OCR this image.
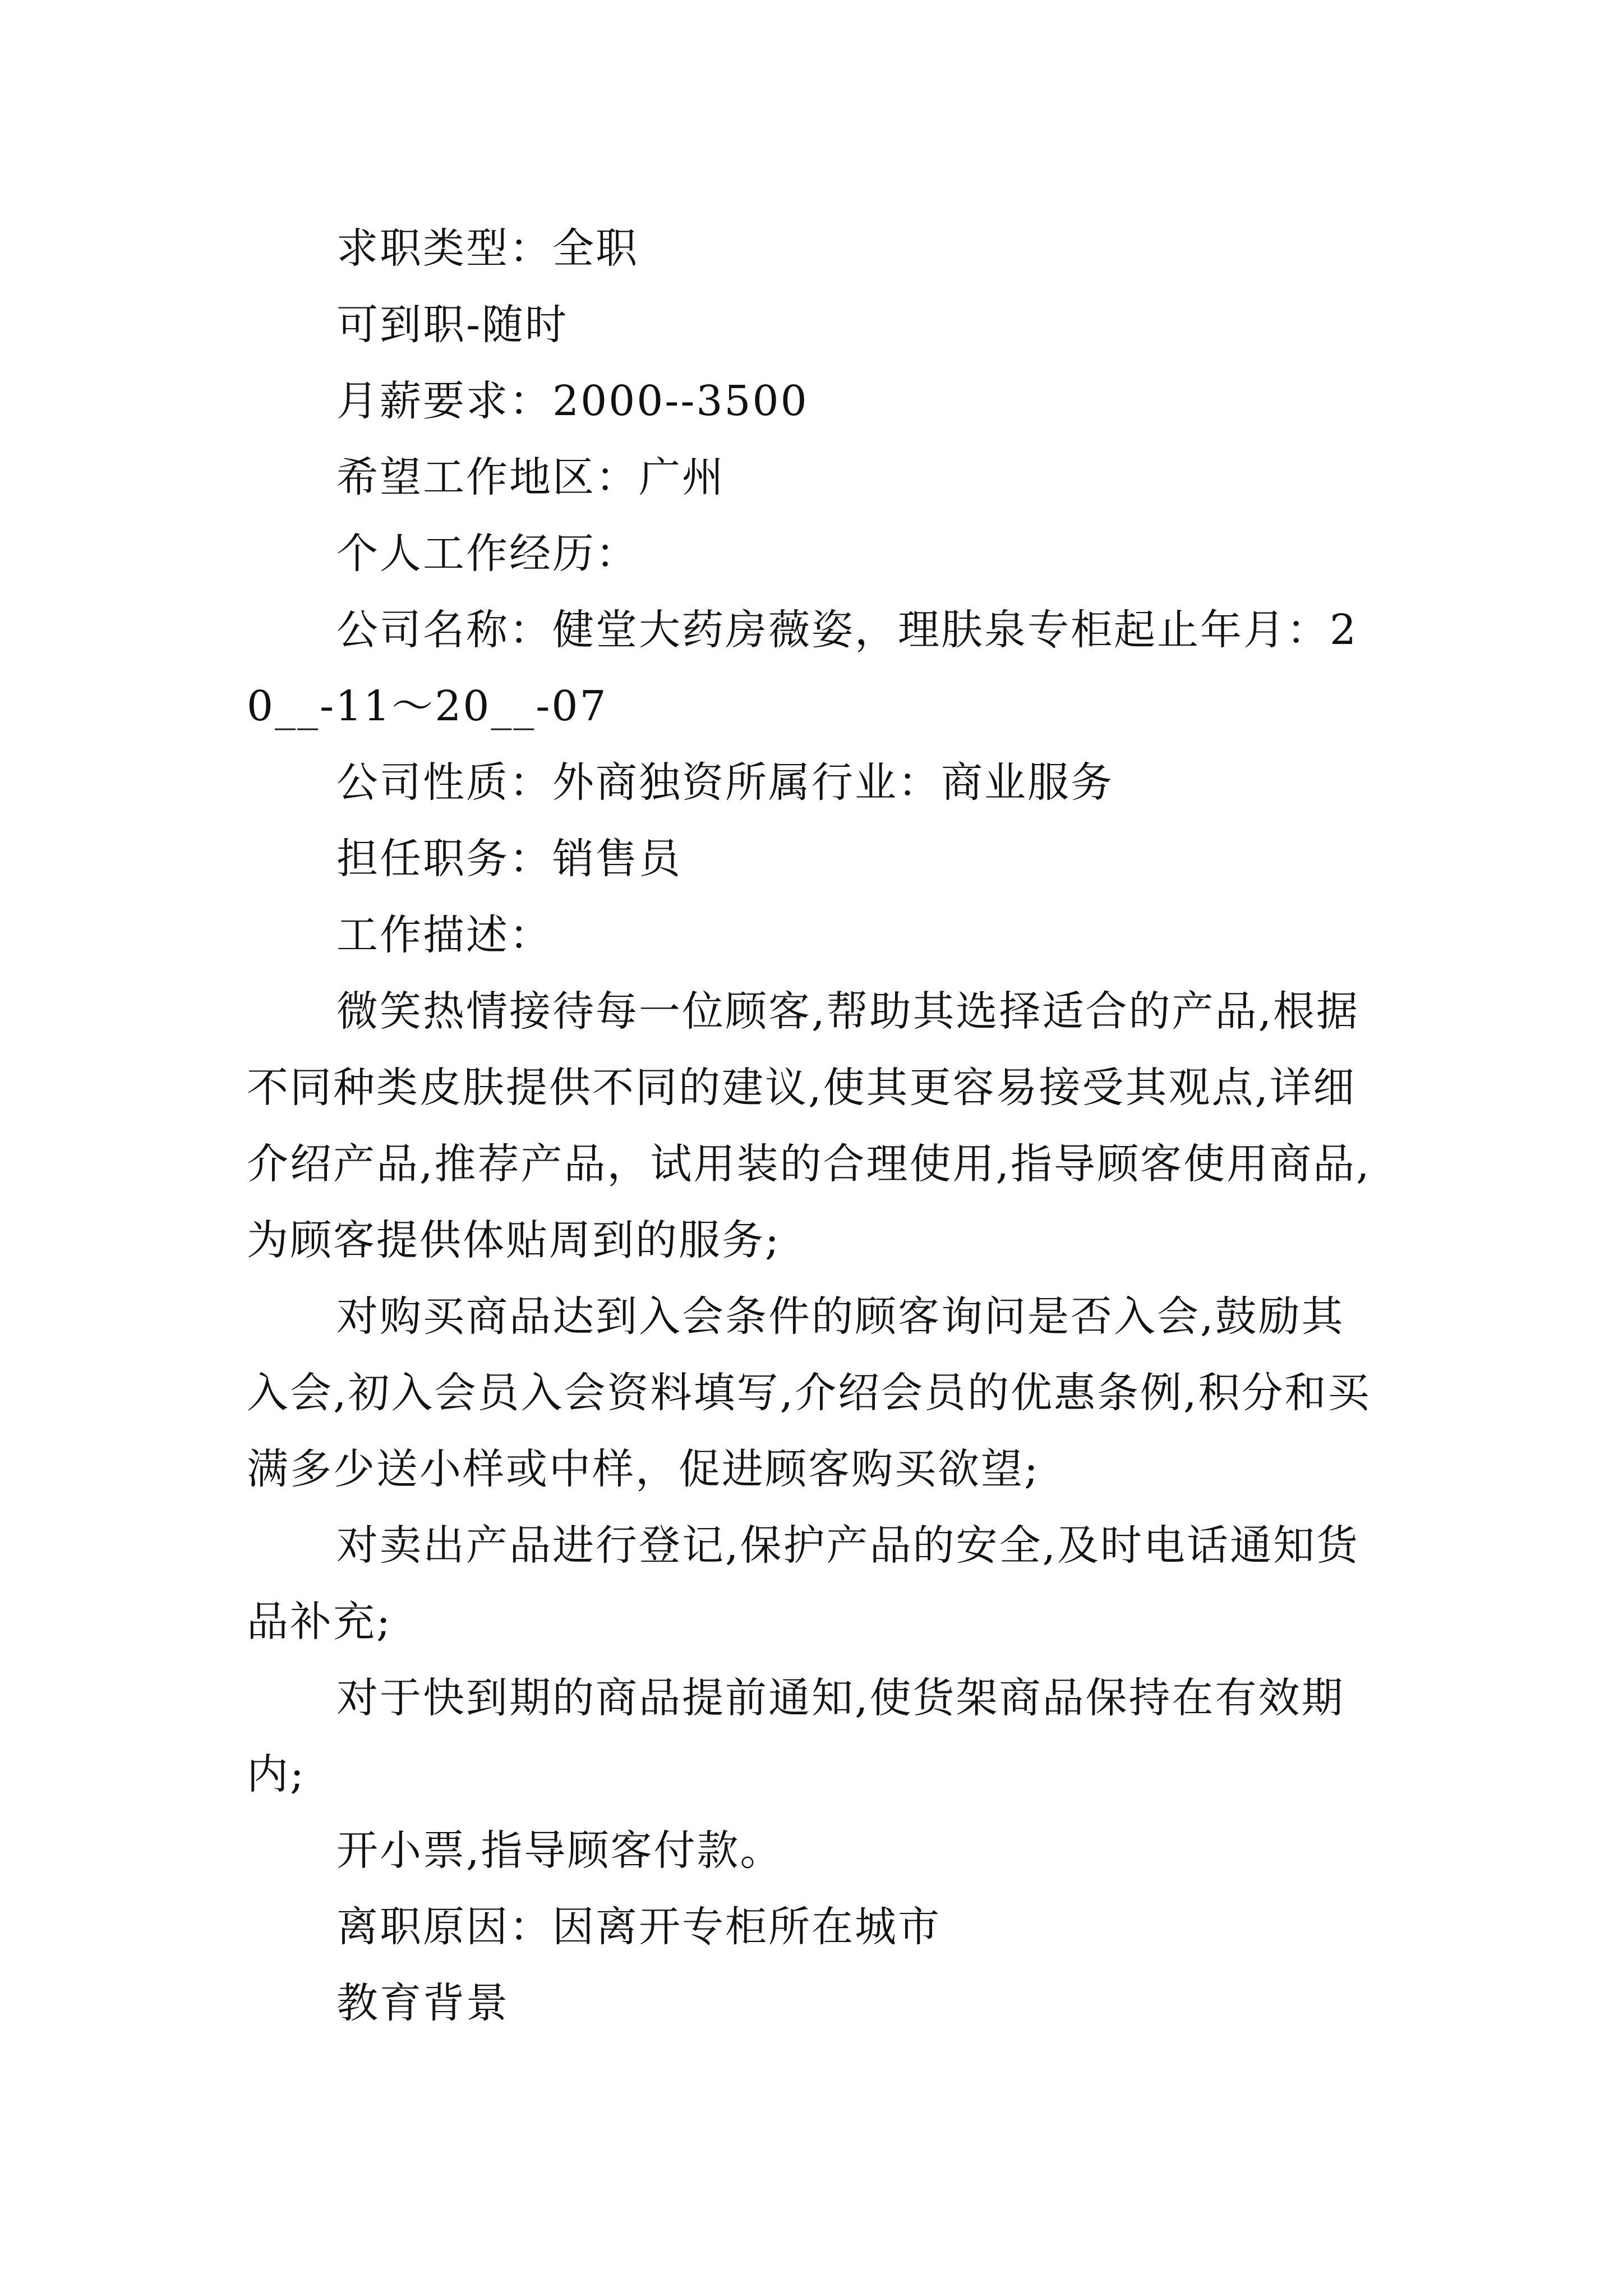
求职类型：全职

可到职-随时

月薪要求：2000--3500

希望工作地区：广州

个人工作经历：

公司名称：健堂大药房薇姿，理肤泉专柜起止年月：20__-11～20__-07

公司性质：外商独资所属行业：商业服务

担任职务：销售员

工作描述：

微笑热情接待每一位顾客,帮助其选择适合的产品,根据不同种类皮肤提供不同的建议,使其更容易接受其观点,详细介绍产品,推荐产品，试用装的合理使用,指导顾客使用商品,为顾客提供体贴周到的服务;

对购买商品达到入会条件的顾客询问是否入会,鼓励其入会,初入会员入会资料填写,介绍会员的优惠条例,积分和买满多少送小样或中样，促进顾客购买欲望;

对卖出产品进行登记,保护产品的安全,及时电话通知货品补充;

对于快到期的商品提前通知,使货架商品保持在有效期内;

开小票,指导顾客付款。

离职原因：因离开专柜所在城市

教育背景
